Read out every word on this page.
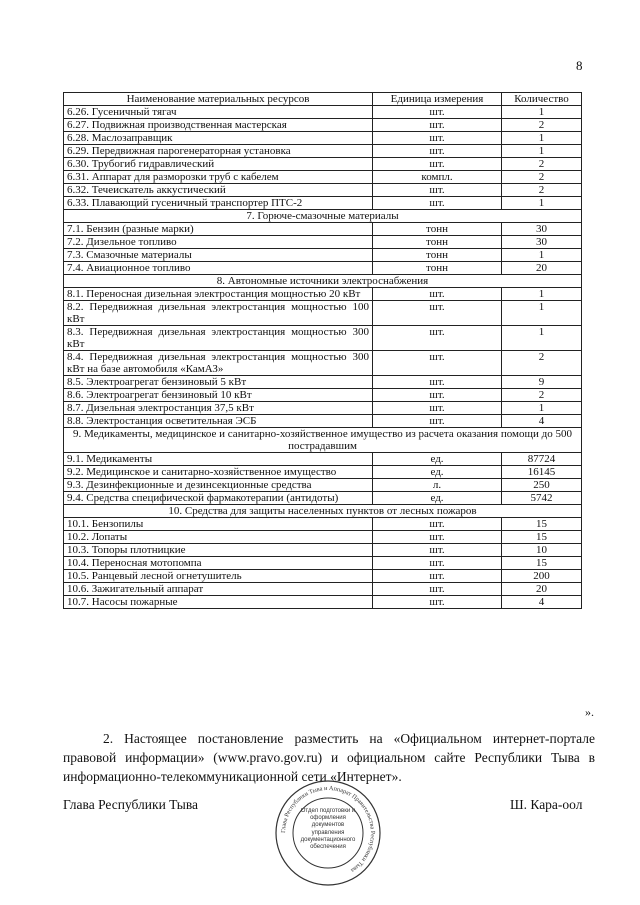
8
Наименование материальных ресурсов	Единица измерения	Количество
6.26. Гусеничный тягач	шт.	1
6.27. Подвижная производственная мастерская	шт.	2
6.28. Маслозаправщик	шт.	1
6.29. Передвижная парогенераторная установка	шт.	1
6.30. Трубогиб гидравлический	шт.	2
6.31. Аппарат для разморозки труб с кабелем	компл.	2
6.32. Течеискатель аккустический	шт.	2
6.33. Плавающий гусеничный транспортер ПТС-2	шт.	1
7. Горюче-смазочные материалы		
7.1. Бензин (разные марки)	тонн	30
7.2. Дизельное топливо	тонн	30
7.3. Смазочные материалы	тонн	1
7.4. Авиационное топливо	тонн	20
8. Автономные источники электроснабжения		
8.1. Переносная дизельная электростанция мощностью 20 кВт	шт.	1
8.2. Передвижная дизельная электростанция мощностью 100 кВт	шт.	1
8.3. Передвижная дизельная электростанция мощностью 300 кВт	шт.	1
8.4. Передвижная дизельная электростанция мощностью 300 кВт на базе автомобиля «КамАЗ»	шт.	2
8.5. Электроагрегат бензиновый 5 кВт	шт.	9
8.6. Электроагрегат бензиновый 10 кВт	шт.	2
8.7. Дизельная электростанция 37,5 кВт	шт.	1
8.8. Электростанция осветительная ЭСБ	шт.	4
9. Медикаменты, медицинское и санитарно-хозяйственное имущество из расчета оказания помощи до 500 пострадавшим		
9.1. Медикаменты	ед.	87724
9.2. Медицинское и санитарно-хозяйственное имущество	ед.	16145
9.3. Дезинфекционные и дезинсекционные средства	л.	250
9.4. Средства специфической фармакотерапии (антидоты)	ед.	5742
10. Средства для защиты населенных пунктов от лесных пожаров		
10.1. Бензопилы	шт.	15
10.2. Лопаты	шт.	15
10.3. Топоры плотницкие	шт.	10
10.4. Переносная мотопомпа	шт.	15
10.5. Ранцевый лесной огнетушитель	шт.	200
10.6. Зажигательный аппарат	шт.	20
10.7. Насосы пожарные	шт.	4
».
2. Настоящее постановление разместить на «Официальном интернет-портале правовой информации» (www.pravo.gov.ru) и официальном сайте Республики Тыва в информационно-телекоммуникационной сети «Интернет».
Глава Республики Тыва	Ш. Кара-оол
Глава Республики Тыва и Аппарат Правительства Республики Тыва
Отдел подготовки и оформления документов управления документационного обеспечения
